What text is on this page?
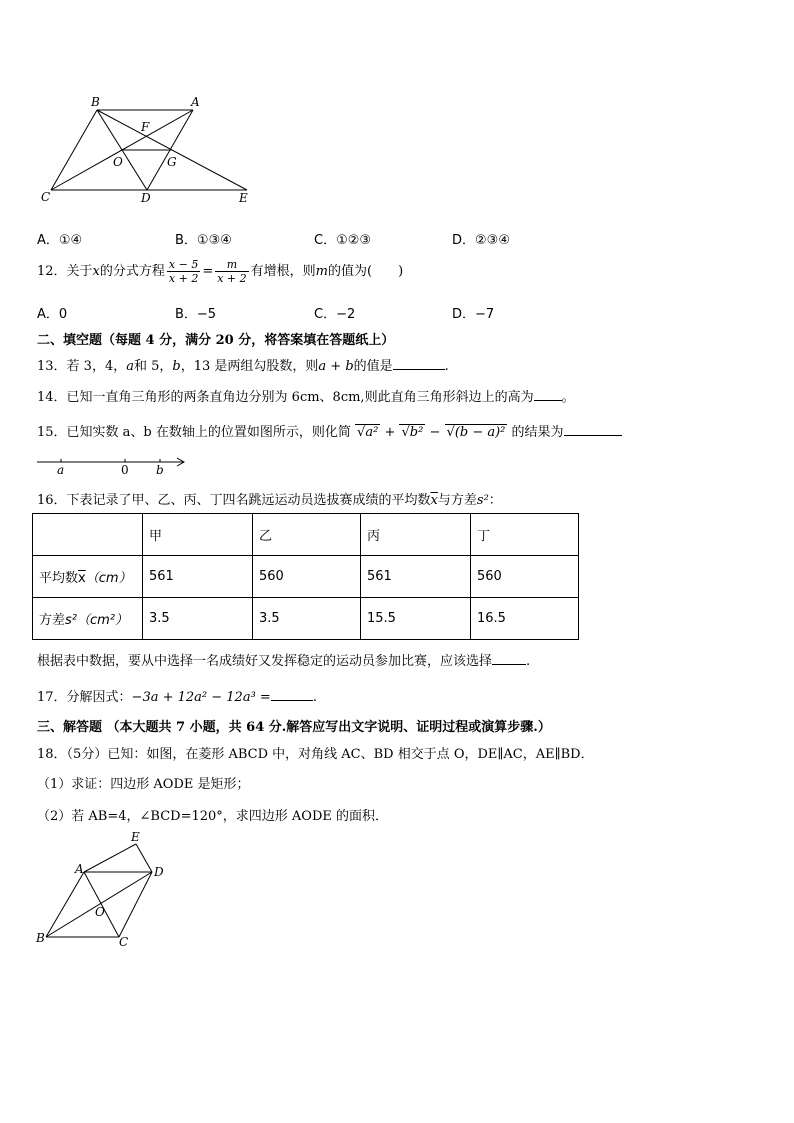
B	A
F
O	G
C	D	E
A．①④	B．①③④	C．①②③	D．②③④
12．关于x的分式方程 $\frac{x - 5}{x + 2} = \frac{m}{x + 2}$ 有增根，则m的值为(　　)
A．0	B．−5	C．−2	D．−7
二、填空题（每题 4 分，满分 20 分，将答案填在答题纸上）
13．若 3，4，a和 5，b，13 是两组勾股数，则a + b的值是	.
14．已知一直角三角形的两条直角边分别为 6cm、8cm,则此直角三角形斜边上的高为 。
15．已知实数 a、b 在数轴上的位置如图所示，则化简 √a² + √b² − √(b − a)² 的结果为
a	0 b
16．下表记录了甲、乙、丙、丁四名跳远运动员选拔赛成绩的平均数$\overline{x}$与方差s²：
	甲	乙	丙	丁
平均数$\overline{x}(cm)$	561	560	561	560
方差s²（cm²）	3.5	3.5	15.5	16.5
根据表中数据，要从中选择一名成绩好又发挥稳定的运动员参加比赛，应该选择	.
17．分解因式：−3a + 12a² − 12a³ =	.
三、解答题 （本大题共 7 小题，共 64 分.解答应写出文字说明、证明过程或演算步骤.）
18．（5分）已知：如图，在菱形 ABCD 中，对角线 AC、BD 相交于点 O，DE∥AC，AE∥BD．
（1）求证：四边形 AODE 是矩形；
（2）若 AB=4，∠BCD=120°，求四边形 AODE 的面积．
E
A	D
O
B	C
